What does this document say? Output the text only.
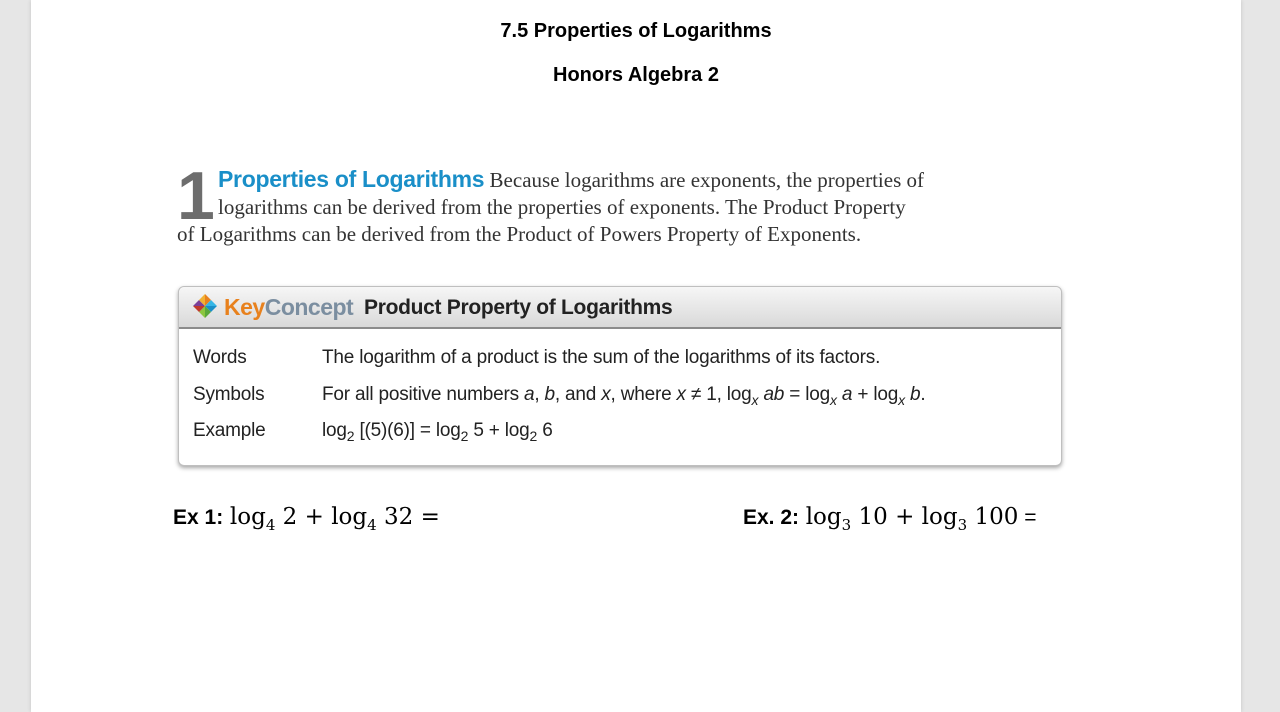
7.5 Properties of Logarithms
Honors Algebra 2
1 Properties of Logarithms Because logarithms are exponents, the properties of
logarithms can be derived from the properties of exponents. The Product Property
of Logarithms can be derived from the Product of Powers Property of Exponents.
KeyConcept Product Property of Logarithms
Words	The logarithm of a product is the sum of the logarithms of its factors.
Symbols	For all positive numbers a, b, and x, where x ≠ 1, $\log_x$ ab = $\log_x a + \log_x b$.
Example	$\log_2 [(5)(6)] = \log_2 5 + \log_2 6$
Ex 1: $\log_4 2 + \log_4 32$ =	Ex. 2: $\log_3 10 + \log_3 100$ =
